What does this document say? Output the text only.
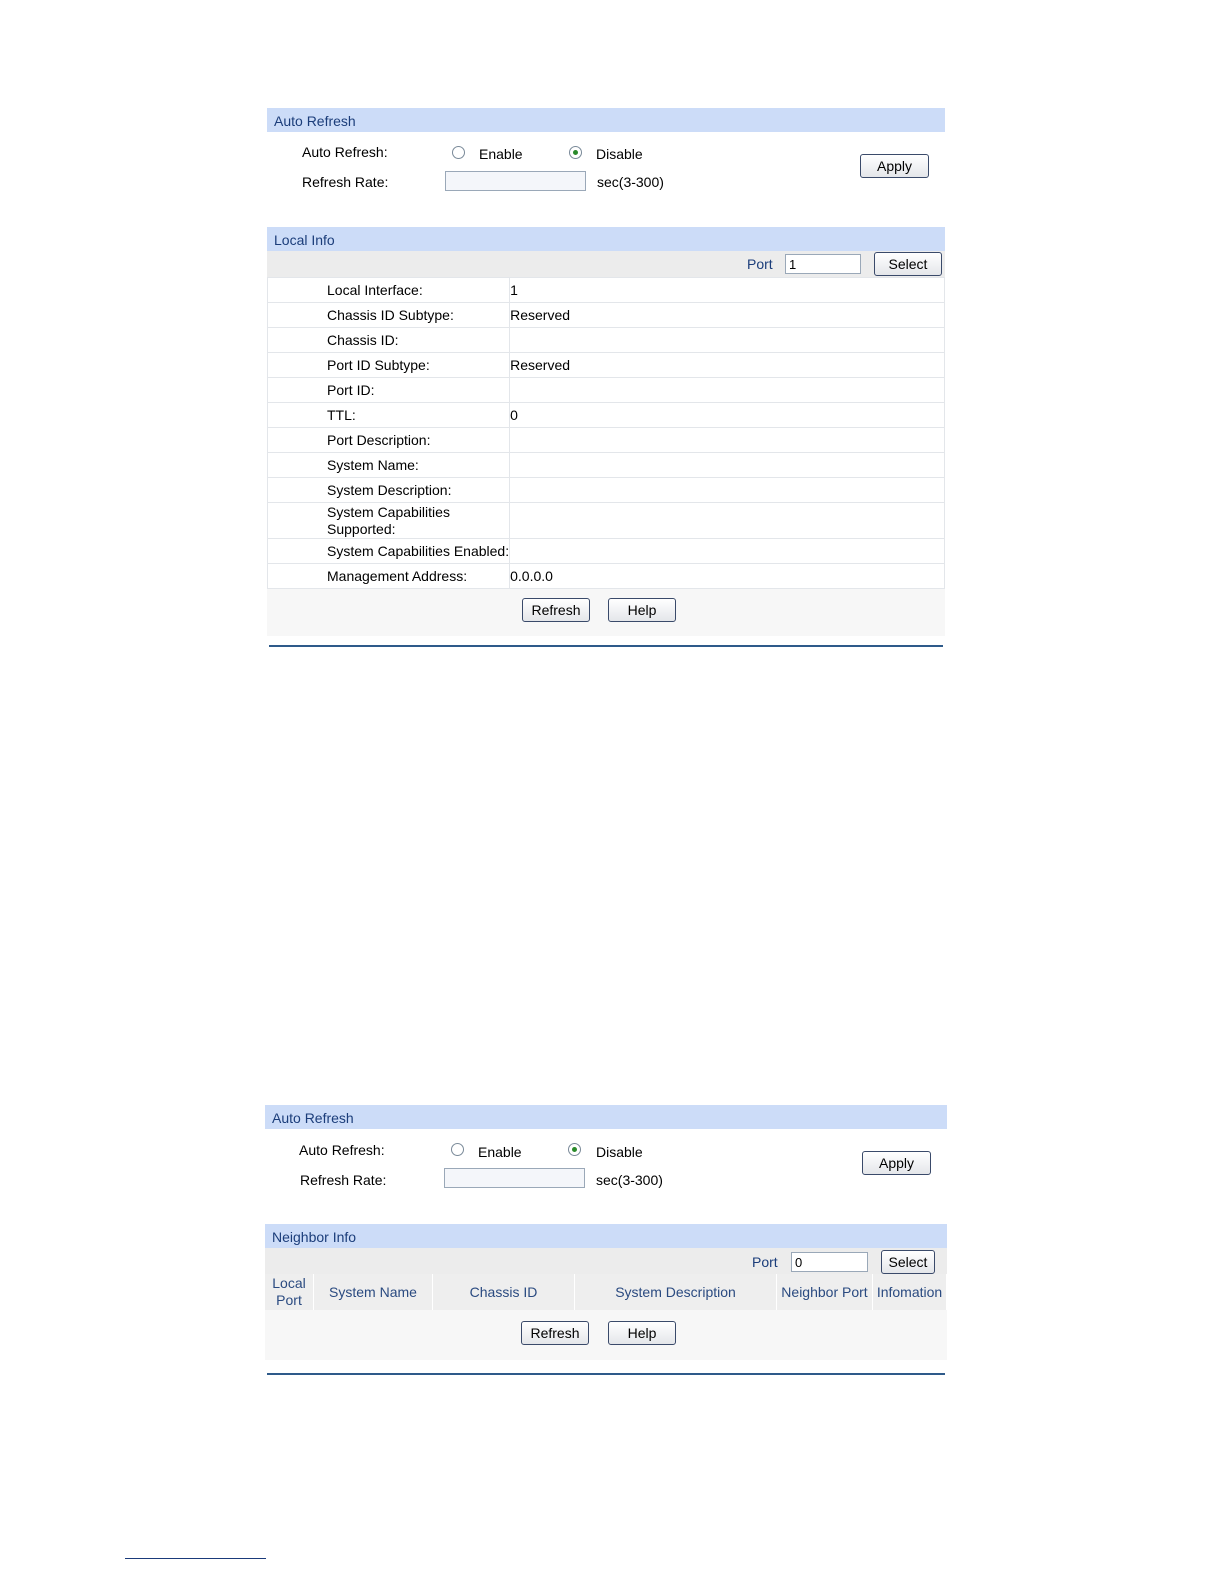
Auto Refresh
Auto Refresh:	Enable	Disable
Refresh Rate:	sec(3-300)
Apply
Local Info
Port
1	Select
Local Interface:	1
Chassis ID Subtype:	Reserved
Chassis ID:	
Port ID Subtype:	Reserved
Port ID:	
TTL:	0
Port Description:	
System Name:	
System Description:	
System Capabilities Supported:	
System Capabilities Enabled:	
Management Address:	0.0.0.0
Refresh	Help
Auto Refresh
Auto Refresh:	Enable	Disable
Refresh Rate:	sec(3-300)
Apply
Neighbor Info
Port
0	Select
Local Port	System Name	Chassis ID	System Description	Neighbor Port	Infomation
Refresh	Help
